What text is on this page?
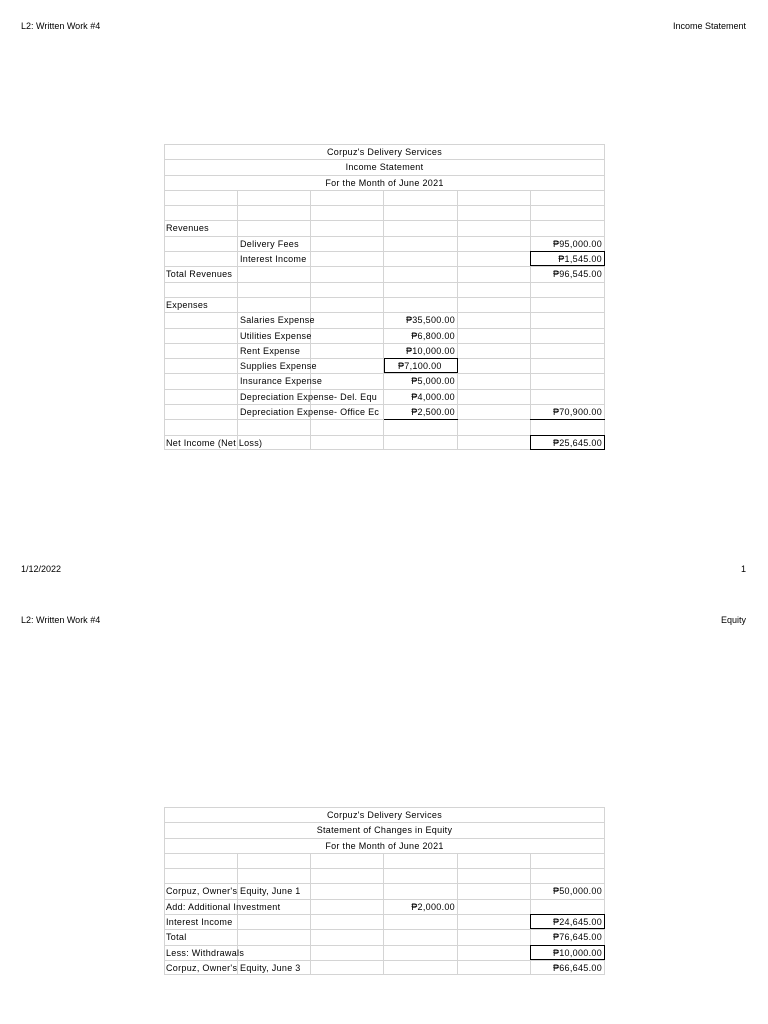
L2: Written Work #4	Income Statement
Corpuz's Delivery Services
Income Statement
For the Month of June 2021
Revenues
Delivery Fees	₱95,000.00
Interest Income	₱1,545.00
Total Revenues	₱96,545.00
Expenses
Salaries Expense	₱35,500.00
Utilities Expense	₱6,800.00
Rent Expense	₱10,000.00
Supplies Expense	₱7,100.00
Insurance Expense	₱5,000.00
Depreciation Expense- Del. Equ	₱4,000.00
Depreciation Expense- Office Ec	₱2,500.00	₱70,900.00
Net Income (Net Loss)	₱25,645.00
1/12/2022	1
L2: Written Work #4	Equity
Corpuz's Delivery Services
Statement of Changes in Equity
For the Month of June 2021
Corpuz, Owner's Equity, June 1	₱50,000.00
Add: Additional Investment	₱2,000.00
Interest Income	₱24,645.00
Total	₱76,645.00
Less: Withdrawals	₱10,000.00
Corpuz, Owner's Equity, June 3	₱66,645.00
